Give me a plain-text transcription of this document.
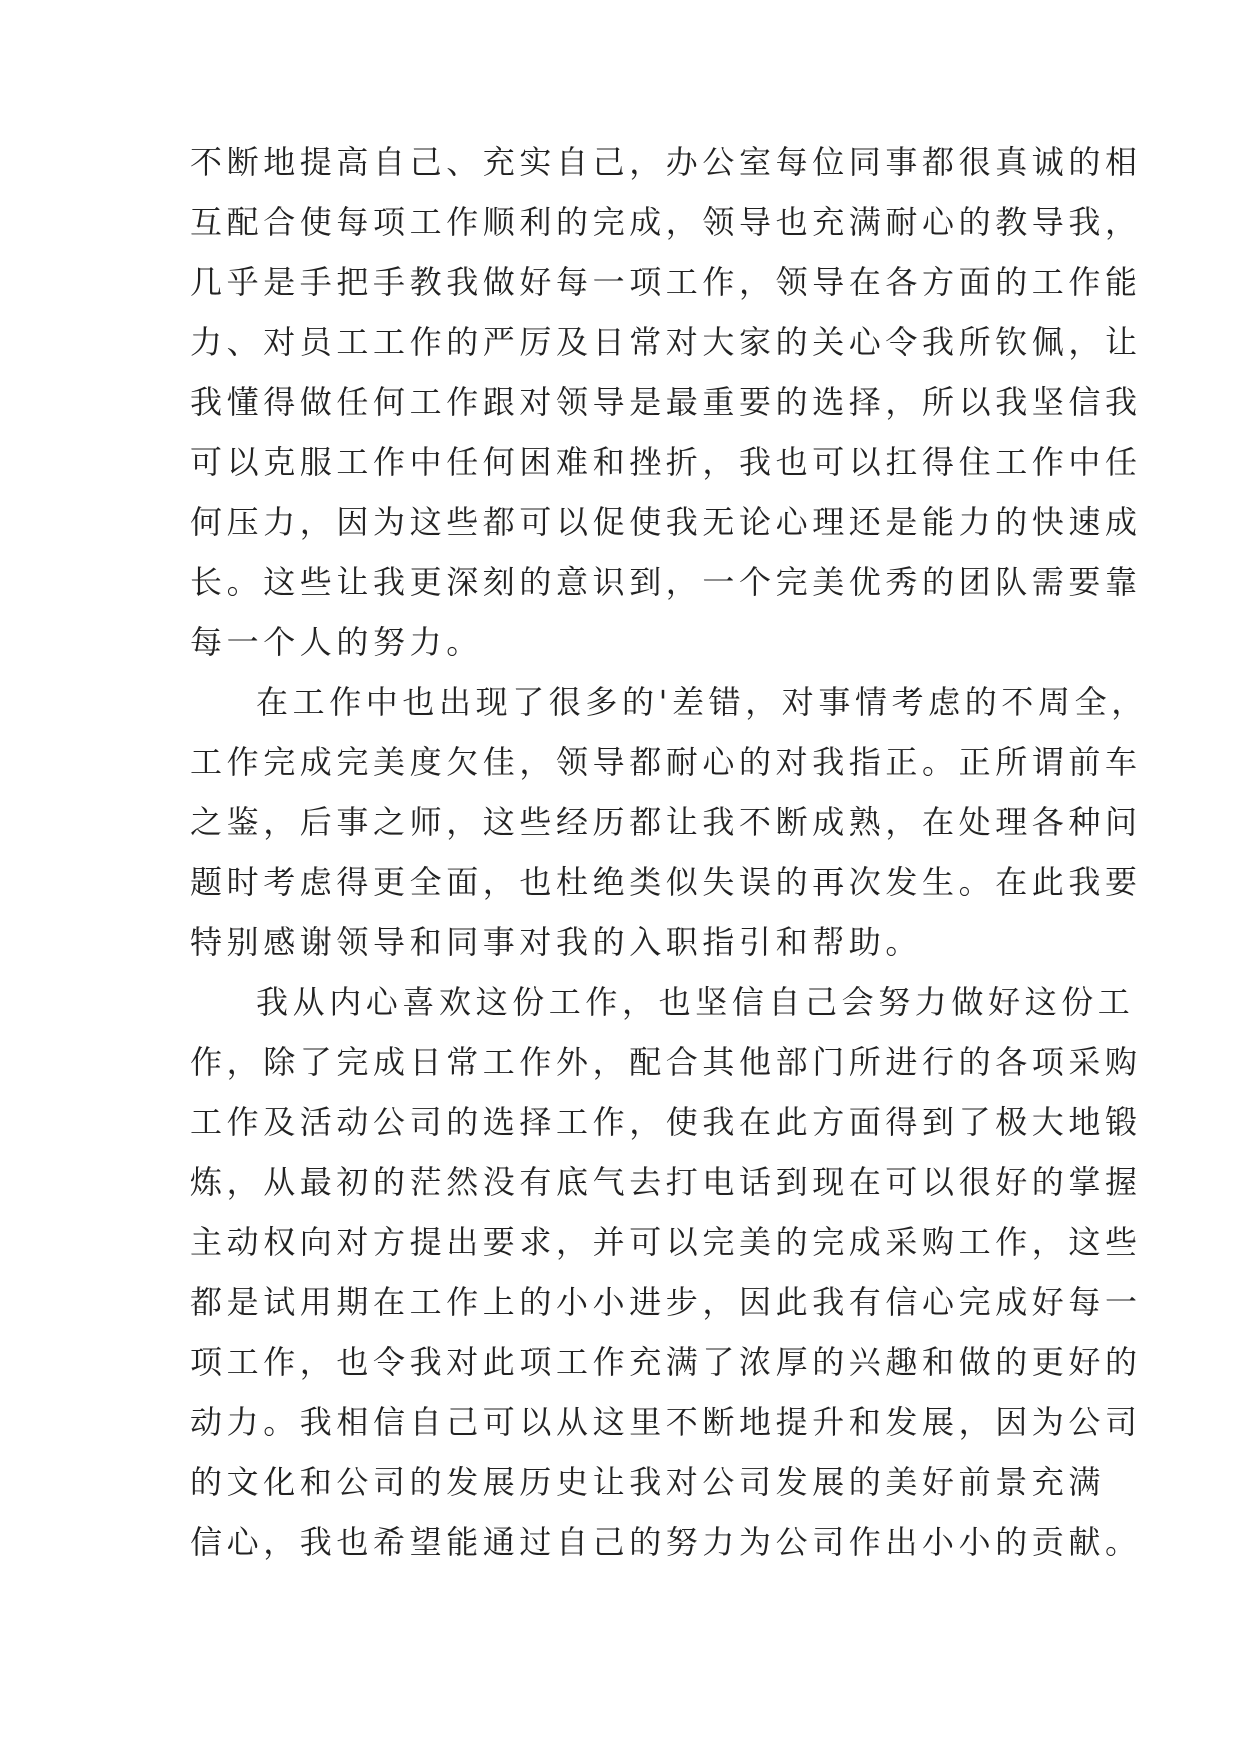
不断地提高自己、充实自己，办公室每位同事都很真诚的相
互配合使每项工作顺利的完成，领导也充满耐心的教导我，
几乎是手把手教我做好每一项工作，领导在各方面的工作能
力、对员工工作的严厉及日常对大家的关心令我所钦佩，让
我懂得做任何工作跟对领导是最重要的选择，所以我坚信我
可以克服工作中任何困难和挫折，我也可以扛得住工作中任
何压力，因为这些都可以促使我无论心理还是能力的快速成
长。这些让我更深刻的意识到，一个完美优秀的团队需要靠
每一个人的努力。
在工作中也出现了很多的'差错，对事情考虑的不周全，
工作完成完美度欠佳，领导都耐心的对我指正。正所谓前车
之鉴，后事之师，这些经历都让我不断成熟，在处理各种问
题时考虑得更全面，也杜绝类似失误的再次发生。在此我要
特别感谢领导和同事对我的入职指引和帮助。
我从内心喜欢这份工作，也坚信自己会努力做好这份工
作，除了完成日常工作外，配合其他部门所进行的各项采购
工作及活动公司的选择工作，使我在此方面得到了极大地锻
炼，从最初的茫然没有底气去打电话到现在可以很好的掌握
主动权向对方提出要求，并可以完美的完成采购工作，这些
都是试用期在工作上的小小进步，因此我有信心完成好每一
项工作，也令我对此项工作充满了浓厚的兴趣和做的更好的
动力。我相信自己可以从这里不断地提升和发展，因为公司
的文化和公司的发展历史让我对公司发展的美好前景充满
信心，我也希望能通过自己的努力为公司作出小小的贡献。
